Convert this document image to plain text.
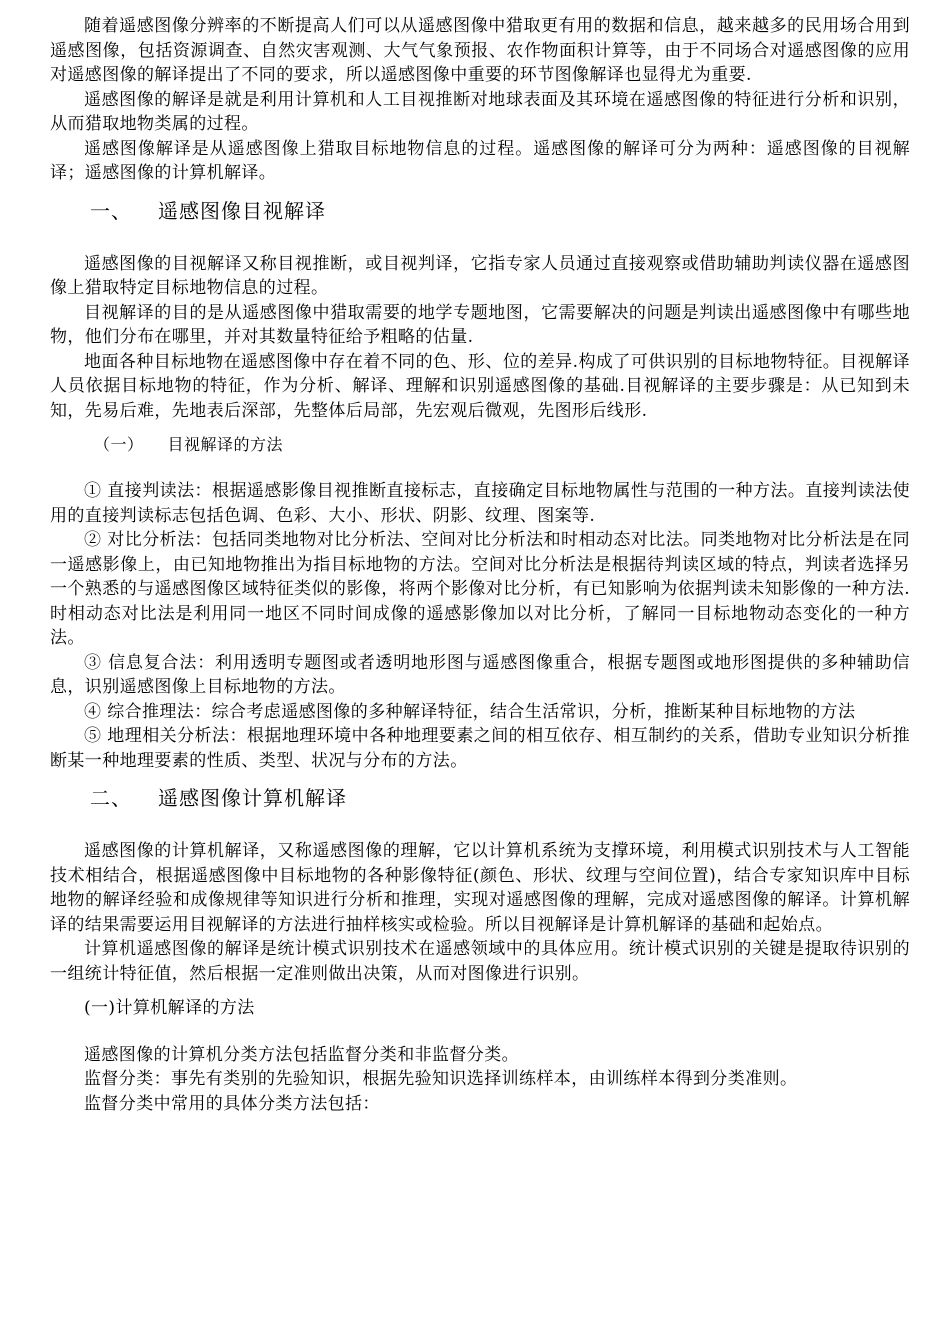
随着遥感图像分辨率的不断提高人们可以从遥感图像中猎取更有用的数据和信息，越来越多的民用场合用到遥感图像，包括资源调查、自然灾害观测、大气气象预报、农作物面积计算等，由于不同场合对遥感图像的应用对遥感图像的解译提出了不同的要求，所以遥感图像中重要的环节图像解译也显得尤为重要.

遥感图像的解译是就是利用计算机和人工目视推断对地球表面及其环境在遥感图像的特征进行分析和识别，从而猎取地物类属的过程。

遥感图像解译是从遥感图像上猎取目标地物信息的过程。遥感图像的解译可分为两种：遥感图像的目视解译；遥感图像的计算机解译。

一、 遥感图像目视解译

遥感图像的目视解译又称目视推断，或目视判译，它指专家人员通过直接观察或借助辅助判读仪器在遥感图像上猎取特定目标地物信息的过程。

目视解译的目的是从遥感图像中猎取需要的地学专题地图，它需要解决的问题是判读出遥感图像中有哪些地物，他们分布在哪里，并对其数量特征给予粗略的估量.

地面各种目标地物在遥感图像中存在着不同的色、形、位的差异.构成了可供识别的目标地物特征。目视解译人员依据目标地物的特征，作为分析、解译、理解和识别遥感图像的基础.目视解译的主要步骤是：从已知到未知，先易后难，先地表后深部，先整体后局部，先宏观后微观，先图形后线形.

（一） 目视解译的方法

① 直接判读法：根据遥感影像目视推断直接标志，直接确定目标地物属性与范围的一种方法。直接判读法使用的直接判读标志包括色调、色彩、大小、形状、阴影、纹理、图案等.

② 对比分析法：包括同类地物对比分析法、空间对比分析法和时相动态对比法。同类地物对比分析法是在同一遥感影像上，由已知地物推出为指目标地物的方法。空间对比分析法是根据待判读区域的特点，判读者选择另一个熟悉的与遥感图像区域特征类似的影像，将两个影像对比分析，有已知影响为依据判读未知影像的一种方法.时相动态对比法是利用同一地区不同时间成像的遥感影像加以对比分析，了解同一目标地物动态变化的一种方法。

③ 信息复合法：利用透明专题图或者透明地形图与遥感图像重合，根据专题图或地形图提供的多种辅助信息，识别遥感图像上目标地物的方法。

④ 综合推理法：综合考虑遥感图像的多种解译特征，结合生活常识，分析，推断某种目标地物的方法

⑤ 地理相关分析法：根据地理环境中各种地理要素之间的相互依存、相互制约的关系，借助专业知识分析推断某一种地理要素的性质、类型、状况与分布的方法。

二、 遥感图像计算机解译

遥感图像的计算机解译，又称遥感图像的理解，它以计算机系统为支撑环境，利用模式识别技术与人工智能技术相结合，根据遥感图像中目标地物的各种影像特征(颜色、形状、纹理与空间位置)，结合专家知识库中目标地物的解译经验和成像规律等知识进行分析和推理，实现对遥感图像的理解，完成对遥感图像的解译。计算机解译的结果需要运用目视解译的方法进行抽样核实或检验。所以目视解译是计算机解译的基础和起始点。

计算机遥感图像的解译是统计模式识别技术在遥感领域中的具体应用。统计模式识别的关键是提取待识别的一组统计特征值，然后根据一定准则做出决策，从而对图像进行识别。

(一)计算机解译的方法

遥感图像的计算机分类方法包括监督分类和非监督分类。

监督分类：事先有类别的先验知识，根据先验知识选择训练样本，由训练样本得到分类准则。

监督分类中常用的具体分类方法包括：
